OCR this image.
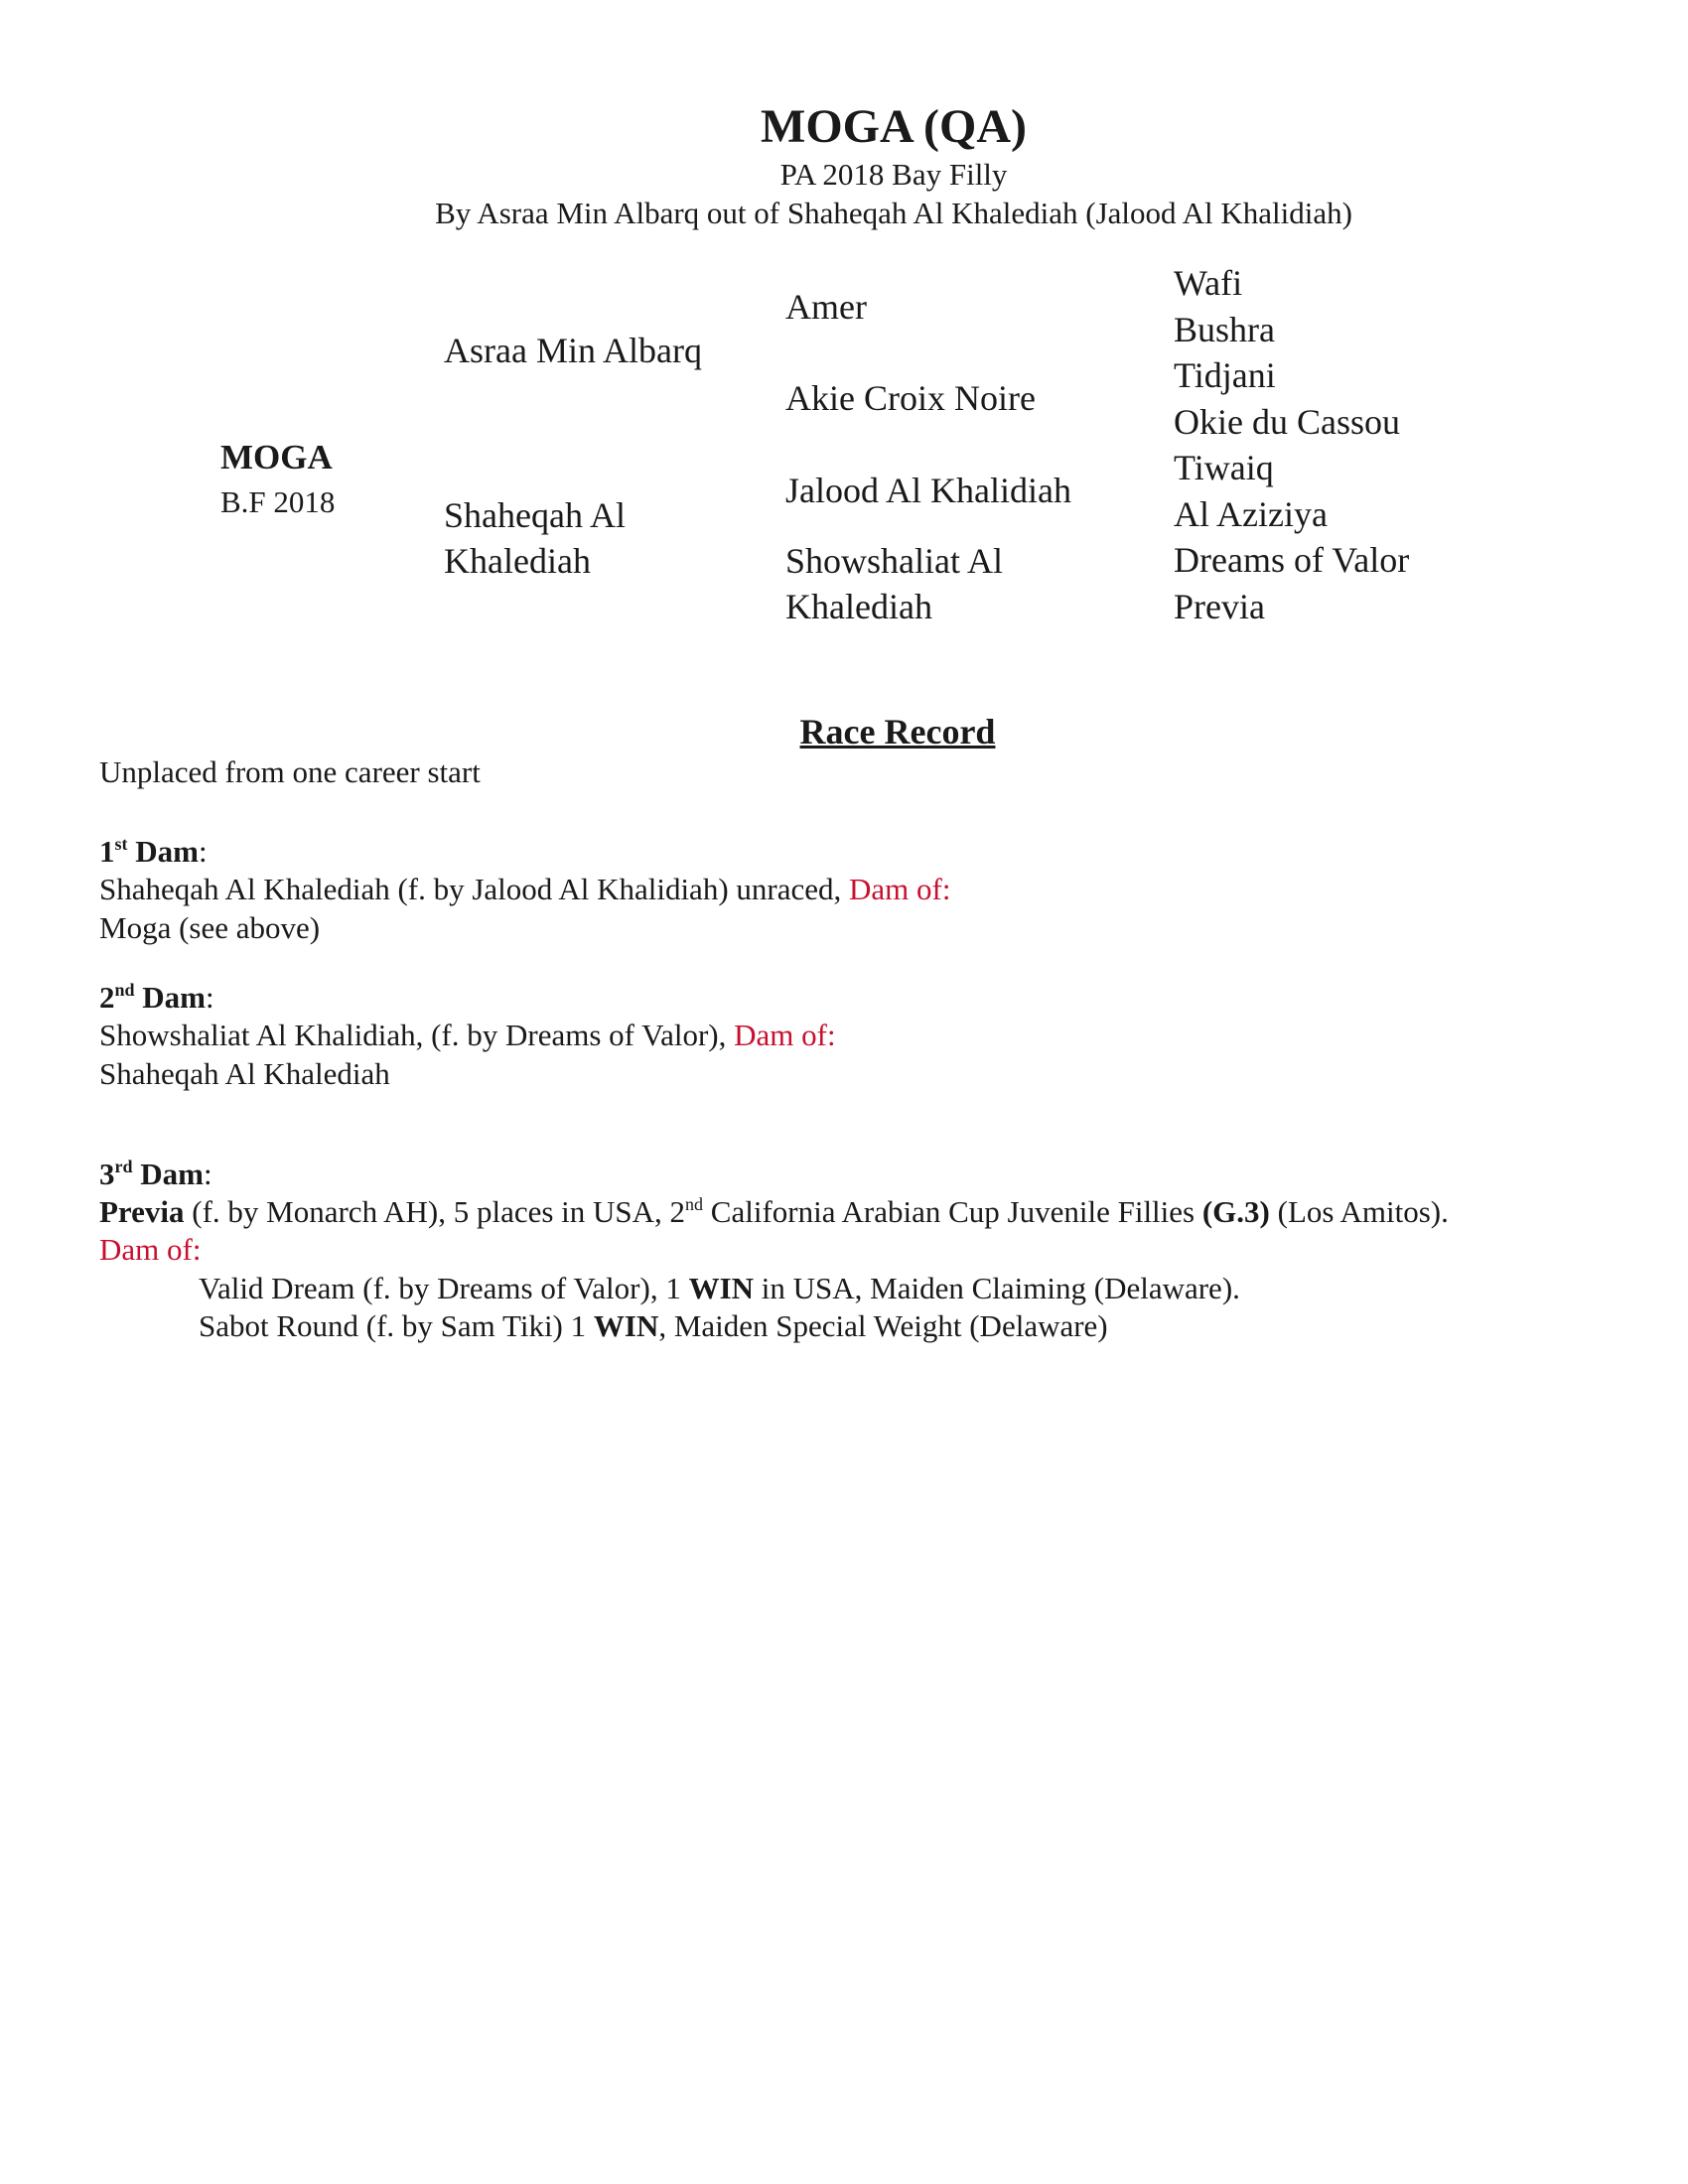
MOGA (QA)

PA 2018 Bay Filly

By Asraa Min Albarq out of Shaheqah Al Khalediah (Jalood Al Khalidiah)

MOGA
B.F 2018
Asraa Min Albarq
Shaheqah Al
Khalediah
Amer
Akie Croix Noire
Jalood Al Khalidiah
Showshaliat Al
Khalediah
Wafi
Bushra
Tidjani
Okie du Cassou
Tiwaiq
Al Aziziya
Dreams of Valor
Previa
Race Record
Unplaced from one career start
1st Dam:
Shaheqah Al Khalediah (f. by Jalood Al Khalidiah) unraced, Dam of:
Moga (see above)
2nd Dam:
Showshaliat Al Khalidiah, (f. by Dreams of Valor), Dam of:
Shaheqah Al Khalediah
3rd Dam:
Previa (f. by Monarch AH), 5 places in USA, 2nd California Arabian Cup Juvenile Fillies (G.3) (Los Amitos).
Dam of:
Valid Dream (f. by Dreams of Valor), 1 WIN in USA, Maiden Claiming (Delaware).
Sabot Round (f. by Sam Tiki) 1 WIN, Maiden Special Weight (Delaware)
